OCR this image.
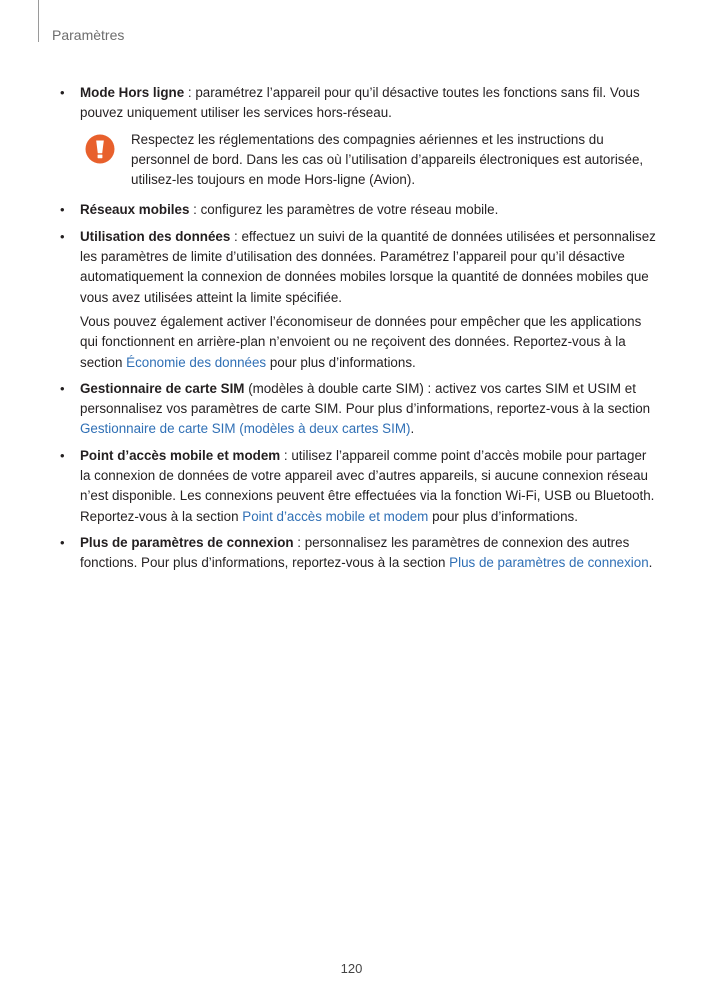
Paramètres
•	Mode Hors ligne : paramétrez l’appareil pour qu’il désactive toutes les fonctions sans fil. Vous pouvez uniquement utiliser les services hors-réseau.

Respectez les réglementations des compagnies aériennes et les instructions du personnel de bord. Dans les cas où l’utilisation d’appareils électroniques est autorisée, utilisez-les toujours en mode Hors-ligne (Avion).

•	Réseaux mobiles : configurez les paramètres de votre réseau mobile.

•	Utilisation des données : effectuez un suivi de la quantité de données utilisées et personnalisez les paramètres de limite d’utilisation des données. Paramétrez l’appareil pour qu’il désactive automatiquement la connexion de données mobiles lorsque la quantité de données mobiles que vous avez utilisées atteint la limite spécifiée.

Vous pouvez également activer l’économiseur de données pour empêcher que les applications qui fonctionnent en arrière-plan n’envoient ou ne reçoivent des données. Reportez-vous à la section Économie des données pour plus d’informations.

•	Gestionnaire de carte SIM (modèles à double carte SIM) : activez vos cartes SIM et USIM et personnalisez vos paramètres de carte SIM. Pour plus d’informations, reportez-vous à la section Gestionnaire de carte SIM (modèles à deux cartes SIM).

•	Point d’accès mobile et modem : utilisez l’appareil comme point d’accès mobile pour partager la connexion de données de votre appareil avec d’autres appareils, si aucune connexion réseau n’est disponible. Les connexions peuvent être effectuées via la fonction Wi-Fi, USB ou Bluetooth. Reportez-vous à la section Point d’accès mobile et modem pour plus d’informations.

•	Plus de paramètres de connexion : personnalisez les paramètres de connexion des autres fonctions. Pour plus d’informations, reportez-vous à la section Plus de paramètres de connexion.

120
